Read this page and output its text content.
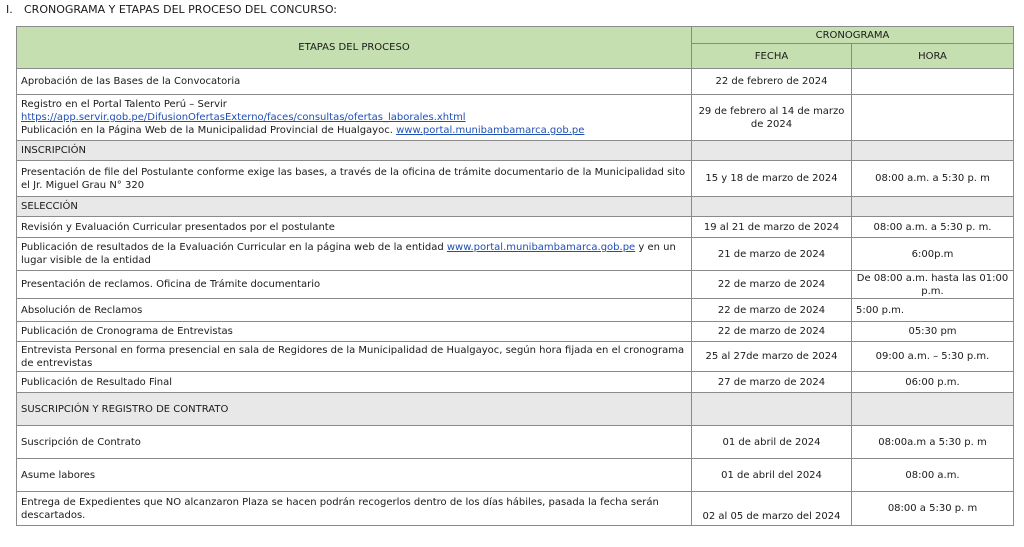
I. CRONOGRAMA Y ETAPAS DEL PROCESO DEL CONCURSO:
ETAPAS DEL PROCESO	CRONOGRAMA	
	FECHA	HORA
Aprobación de las Bases de la Convocatoria	22 de febrero de 2024	

Registro en el Portal Talento Perú – Servir
https://app.servir.gob.pe/DifusionOfertasExterno/faces/consultas/ofertas_laborales.xhtml
Publicación en la Página Web de la Municipalidad Provincial de Hualgayoc. www.portal.munibambamarca.gob.pe	29 de febrero al 14 de marzo de 2024	
INSCRIPCIÓN		
Presentación de file del Postulante conforme exige las bases, a través de la oficina de trámite documentario de la Municipalidad sito el Jr. Miguel Grau N° 320	15 y 18 de marzo de 2024	08:00 a.m. a 5:30 p. m
SELECCIÓN		
Revisión y Evaluación Curricular presentados por el postulante	19 al 21 de marzo de 2024	08:00 a.m. a 5:30 p. m.
Publicación de resultados de la Evaluación Curricular en la página web de la entidad www.portal.munibambamarca.gob.pe y en un lugar visible de la entidad	21 de marzo de 2024	6:00p.m
Presentación de reclamos. Oficina de Trámite documentario	22 de marzo de 2024	De 08:00 a.m. hasta las 01:00 p.m.
Absolución de Reclamos	22 de marzo de 2024	5:00 p.m.
Publicación de Cronograma de Entrevistas	22 de marzo de 2024	05:30 pm
Entrevista Personal en forma presencial en sala de Regidores de la Municipalidad de Hualgayoc, según hora fijada en el cronograma de entrevistas	25 al 27de marzo de 2024	09:00 a.m. – 5:30 p.m.
Publicación de Resultado Final	27 de marzo de 2024	06:00 p.m.
SUSCRIPCIÓN Y REGISTRO DE CONTRATO		
Suscripción de Contrato	01 de abril de 2024	08:00a.m a 5:30 p. m
Asume labores	01 de abril del 2024	08:00 a.m.
Entrega de Expedientes que NO alcanzaron Plaza se hacen podrán recogerlos dentro de los días hábiles, pasada la fecha serán descartados.	02 al 05 de marzo del 2024	08:00 a 5:30 p. m
